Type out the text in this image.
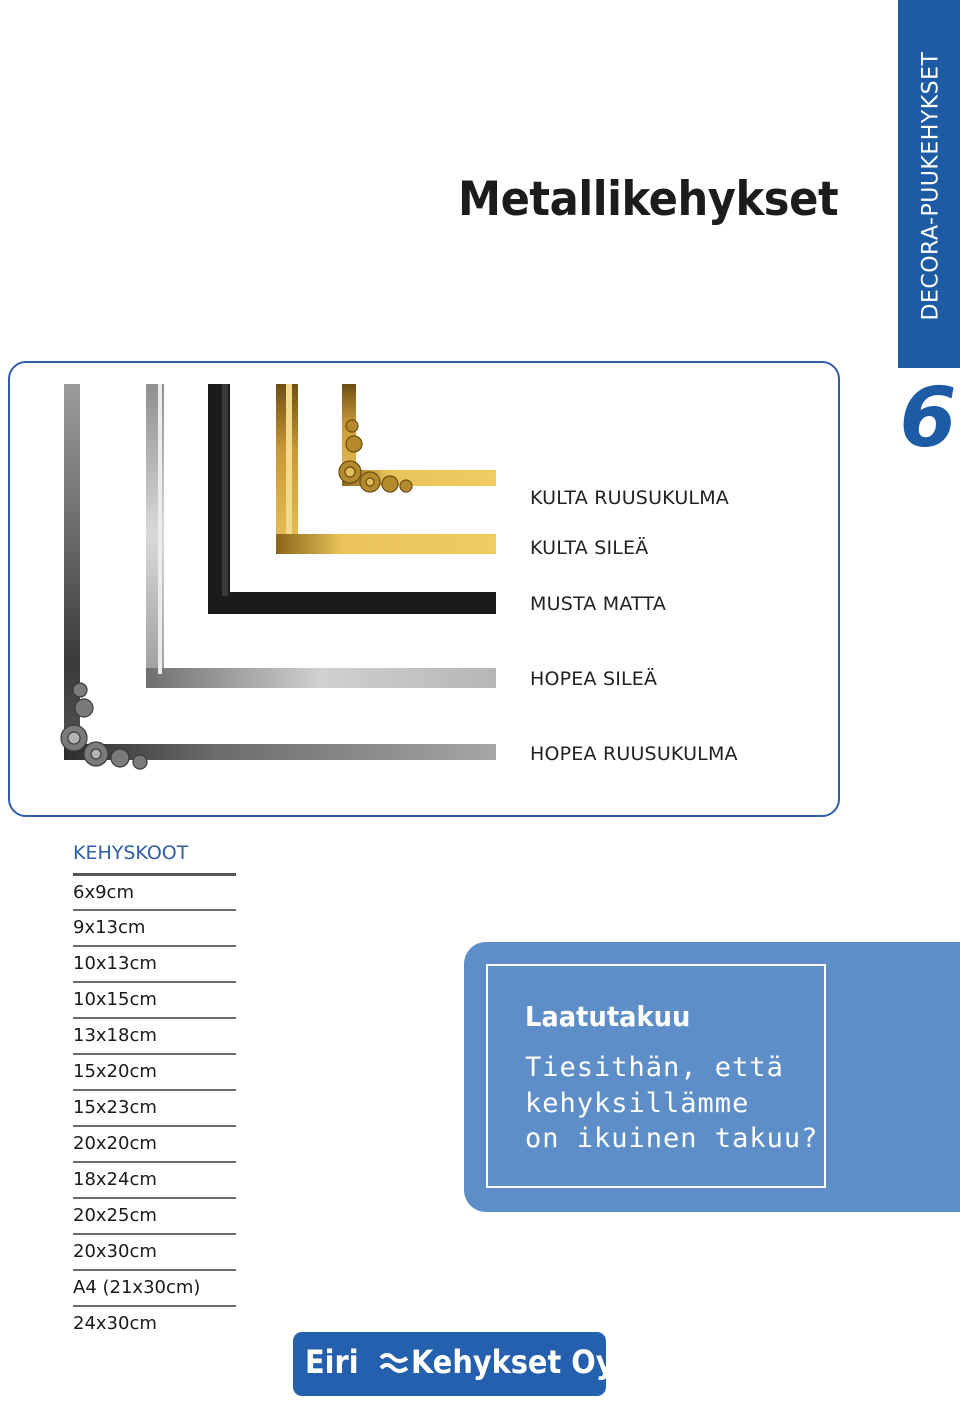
DECORA-PUUKEHYKSET
6
Metallikehykset
KULTA RUUSUKULMA
KULTA SILEÄ
MUSTA MATTA
HOPEA SILEÄ
HOPEA RUUSUKULMA
KEHYSKOOT
6x9cm
9x13cm
10x13cm
10x15cm
13x18cm
15x20cm
15x23cm
20x20cm
18x24cm
20x25cm
20x30cm
A4 (21x30cm)
24x30cm
Laatutakuu
Tiesithän, että
kehyksillämme
on ikuinen takuu?
Eiri Kehykset Oy
